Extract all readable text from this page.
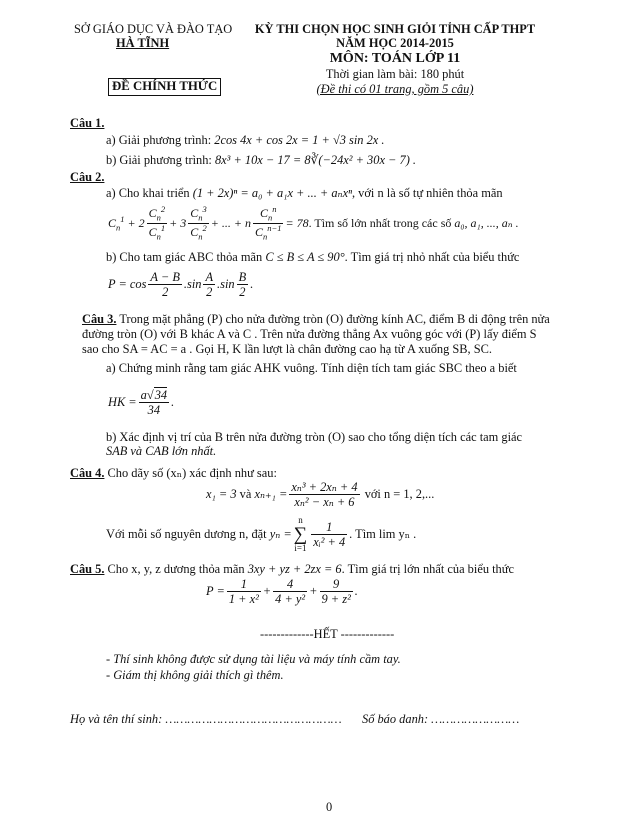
SỞ GIÁO DỤC VÀ ĐÀO TẠO
HÀ TĨNH
ĐỀ CHÍNH THỨC
KỲ THI CHỌN HỌC SINH GIỎI TỈNH CẤP THPT
NĂM HỌC 2014-2015
MÔN: TOÁN LỚP 11
Thời gian làm bài: 180 phút
(Đề thi có 01 trang, gồm 5 câu)
Câu 1.
a) Giải phương trình: 2cos 4x + cos 2x = 1 + √3 sin 2x .
b) Giải phương trình: 8x³ + 10x − 17 = 8∛(−24x² + 30x − 7) .
Câu 2.
a) Cho khai triển (1 + 2x)ⁿ = a₀ + a₁x + ... + aₙxⁿ, với n là số tự nhiên thỏa mãn
$C_n^1 + 2 \frac{C_n^2}{C_n^1} + 3 \frac{C_n^3}{C_n^2}$ + ... + n $\frac{C_n^n}{C_n^{n-1}} = 78$. Tìm số lớn nhất trong các số a₀, a₁, ..., aₙ .
b) Cho tam giác ABC thỏa mãn C ≤ B ≤ A ≤ 90°. Tìm giá trị nhỏ nhất của biểu thức
$P = \cos \frac{A - B}{2} .\sin \frac{A}{2} .\sin \frac{B}{2}$ .
Câu 3. Trong mặt phẳng (P) cho nửa đường tròn (O) đường kính AC, điểm B di động trên nửa
đường tròn (O) với B khác A và C . Trên nửa đường thẳng Ax vuông góc với (P) lấy điểm S
sao cho SA = AC = a . Gọi H, K lần lượt là chân đường cao hạ từ A xuống SB, SC.
a) Chứng minh rằng tam giác AHK vuông. Tính diện tích tam giác SBC theo a biết
HK = $\frac{a√34}{34}$ .
b) Xác định vị trí của B trên nửa đường tròn (O) sao cho tổng diện tích các tam giác
SAB và CAB lớn nhất.
Câu 4. Cho dãy số (xₙ) xác định như sau:
x₁ = 3 và $x_{n+1} = \frac{\text{xₙ³ + 2xₙ + 4}}{\text{xₙ² − xₙ + 6}}$ với n = 1, 2,...
Với mỗi số nguyên dương n, đặt yₙ =
n
∑
$i=1 \frac{1}{\text{xᵢ² + 4}}$ . Tìm lim yₙ .
Câu 5. Cho x, y, z dương thỏa mãn 3xy + yz + 2zx = 6. Tìm giá trị lớn nhất của biểu thức
$P = \frac{1}{\text{1 + x²}} + \frac{4}{\text{4 + y²}} + \frac{9}{\text{9 + z²}}$ .
-------------HẾT -------------
- Thí sinh không được sử dụng tài liệu và máy tính cầm tay.
- Giám thị không giải thích gì thêm.
Họ và tên thí sinh: ………………………………………… Số báo danh: ……………………
0
